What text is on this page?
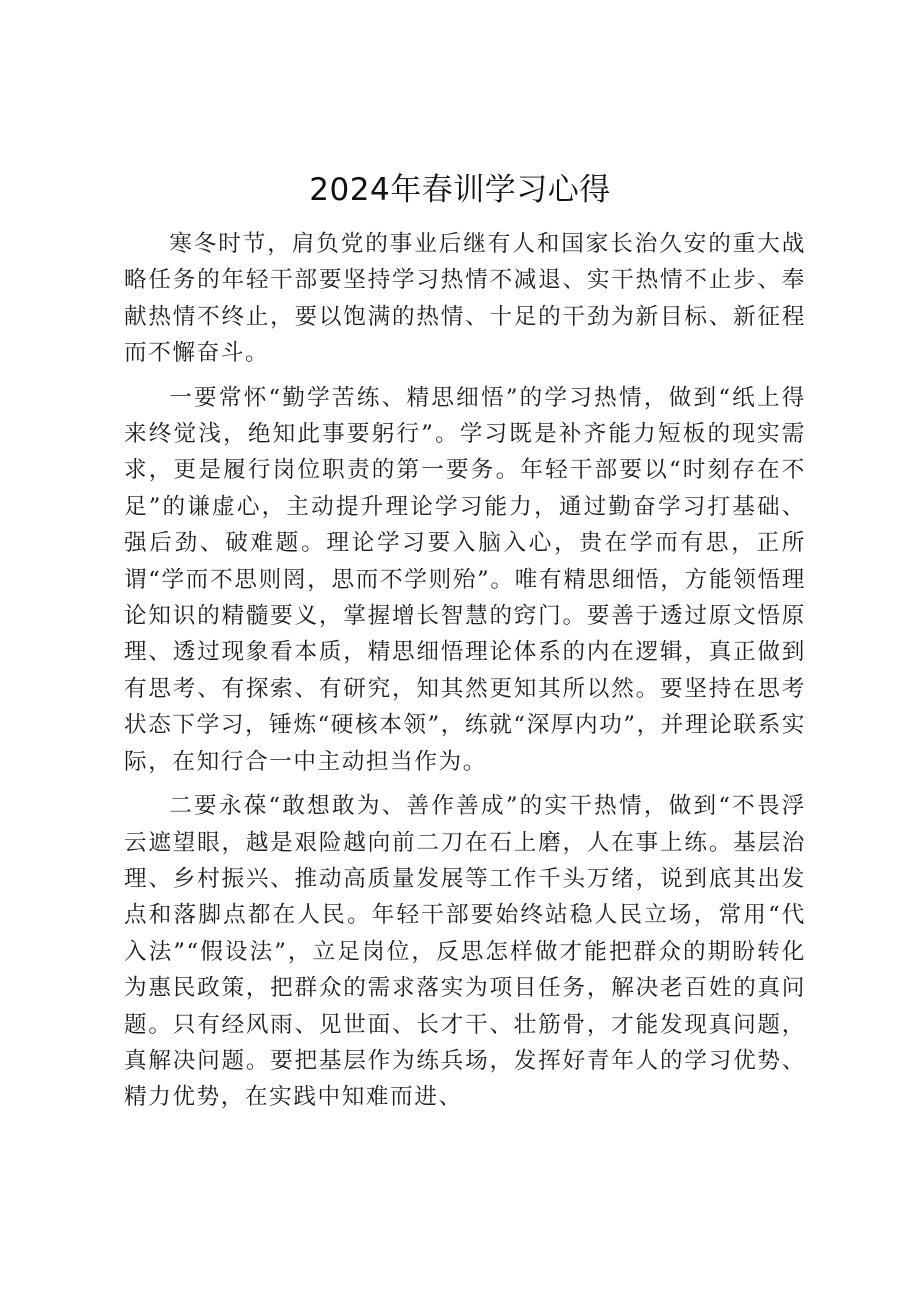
2024年春训学习心得

寒冬时节，肩负党的事业后继有人和国家长治久安的重大战略任务的年轻干部要坚持学习热情不减退、实干热情不止步、奉献热情不终止，要以饱满的热情、十足的干劲为新目标、新征程而不懈奋斗。

一要常怀“勤学苦练、精思细悟”的学习热情，做到“纸上得来终觉浅，绝知此事要躬行”。学习既是补齐能力短板的现实需求，更是履行岗位职责的第一要务。年轻干部要以“时刻存在不足”的谦虚心，主动提升理论学习能力，通过勤奋学习打基础、强后劲、破难题。理论学习要入脑入心，贵在学而有思，正所谓“学而不思则罔，思而不学则殆”。唯有精思细悟，方能领悟理论知识的精髓要义，掌握增长智慧的窍门。要善于透过原文悟原理、透过现象看本质，精思细悟理论体系的内在逻辑，真正做到有思考、有探索、有研究，知其然更知其所以然。要坚持在思考状态下学习，锤炼“硬核本领”，练就“深厚内功”，并理论联系实际，在知行合一中主动担当作为。

二要永葆“敢想敢为、善作善成”的实干热情，做到“不畏浮云遮望眼，越是艰险越向前二刀在石上磨，人在事上练。基层治理、乡村振兴、推动高质量发展等工作千头万绪，说到底其出发点和落脚点都在人民。年轻干部要始终站稳人民立场，常用“代入法”“假设法”，立足岗位，反思怎样做才能把群众的期盼转化为惠民政策，把群众的需求落实为项目任务，解决老百姓的真问题。只有经风雨、见世面、长才干、壮筋骨，才能发现真问题，真解决问题。要把基层作为练兵场，发挥好青年人的学习优势、精力优势，在实践中知难而进、
